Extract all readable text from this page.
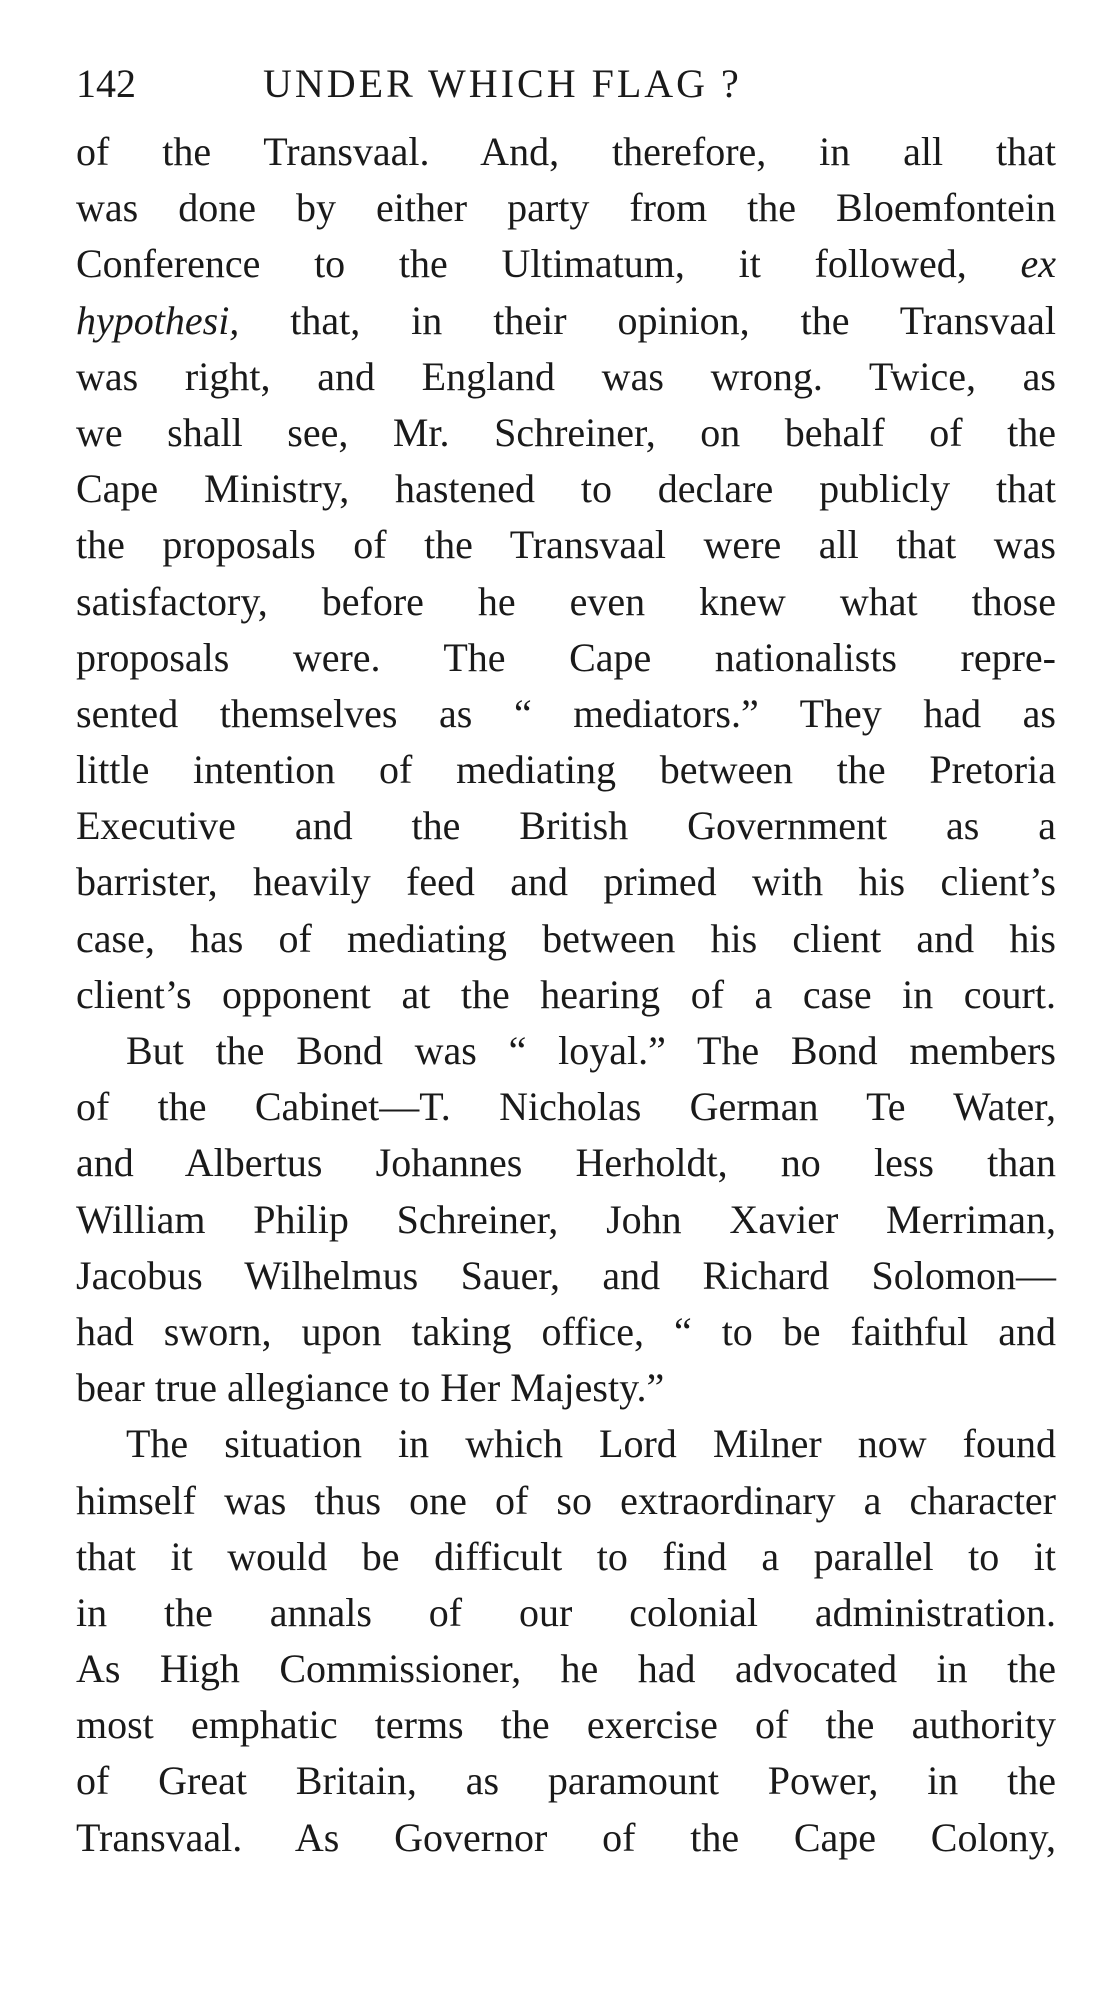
142	UNDER WHICH FLAG ?
of the Transvaal. And, therefore, in all that
was done by either party from the Bloemfontein
Conference to the Ultimatum, it followed, ex
hypothesi, that, in their opinion, the Transvaal
was right, and England was wrong. Twice, as
we shall see, Mr. Schreiner, on behalf of the
Cape Ministry, hastened to declare publicly that
the proposals of the Transvaal were all that was
satisfactory, before he even knew what those
proposals were. The Cape nationalists repre-
sented themselves as “ mediators.” They had as
little intention of mediating between the Pretoria
Executive and the British Government as a
barrister, heavily feed and primed with his client’s
case, has of mediating between his client and his
client’s opponent at the hearing of a case in court.
But the Bond was “ loyal.” The Bond members
of the Cabinet—T. Nicholas German Te Water,
and Albertus Johannes Herholdt, no less than
William Philip Schreiner, John Xavier Merriman,
Jacobus Wilhelmus Sauer, and Richard Solomon—
had sworn, upon taking office, “ to be faithful and
bear true allegiance to Her Majesty.”
The situation in which Lord Milner now found
himself was thus one of so extraordinary a character
that it would be difficult to find a parallel to it
in the annals of our colonial administration.
As High Commissioner, he had advocated in the
most emphatic terms the exercise of the authority
of Great Britain, as paramount Power, in the
Transvaal. As Governor of the Cape Colony,
